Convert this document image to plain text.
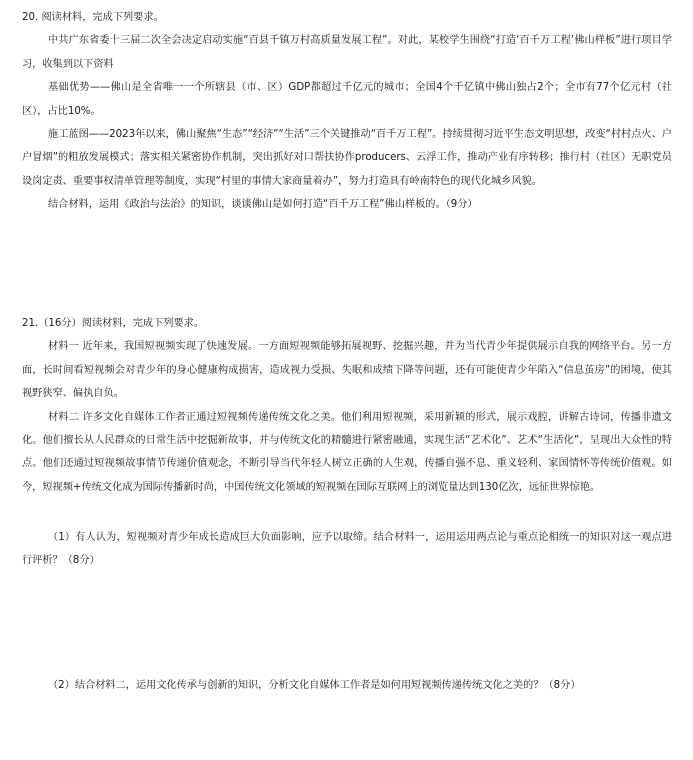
20. 阅读材料，完成下列要求。

中共广东省委十三届二次全会决定启动实施“百县千镇万村高质量发展工程”。对此，某校学生围绕“打造‘百千万工程’佛山样板”进行项目学习，收集到以下资料

基础优势——佛山是全省唯一一个所辖县（市、区）GDP都超过千亿元的城市；全国4个千亿镇中佛山独占2个；全市有77个亿元村（社区），占比10%。

施工蓝图——2023年以来，佛山聚焦“生态”“经济”“生活”三个关键推动“百千万工程”。持续贯彻习近平生态文明思想，改变“村村点火、户户冒烟”的粗放发展模式；落实相关紧密协作机制，突出抓好对口帮扶协作producers、云浮工作，推动产业有序转移；推行村（社区）无职党员设岗定责、重要事权清单管理等制度，实现“村里的事情大家商量着办”，努力打造具有岭南特色的现代化城乡风貌。

结合材料，运用《政治与法治》的知识，谈谈佛山是如何打造“百千万工程”佛山样板的。（9分）

21.（16分）阅读材料，完成下列要求。

材料一 近年来，我国短视频实现了快速发展。一方面短视频能够拓展视野、挖掘兴趣，并为当代青少年提供展示自我的网络平台。另一方面，长时间看短视频会对青少年的身心健康构成损害，造成视力受损、失眠和成绩下降等问题，还有可能使青少年陷入“信息茧房”的困境，使其视野狭窄、偏执自负。

材料二 许多文化自媒体工作者正通过短视频传递传统文化之美。他们利用短视频，采用新颖的形式，展示戏腔，讲解古诗词，传播非遗文化。他们擅长从人民群众的日常生活中挖掘新故事，并与传统文化的精髓进行紧密融通，实现生活“艺术化”、艺术“生活化”，呈现出大众性的特点。他们还通过短视频故事情节传递价值观念，不断引导当代年轻人树立正确的人生观，传播自强不息、重义轻利、家国情怀等传统价值观。如今，短视频+传统文化成为国际传播新时尚，中国传统文化领域的短视频在国际互联网上的浏览量达到130亿次，远征世界惊艳。

（1）有人认为，短视频对青少年成长造成巨大负面影响，应予以取缔。结合材料一，运用运用两点论与重点论相统一的知识对这一观点进行评析？（8分）

（2）结合材料二，运用文化传承与创新的知识，分析文化自媒体工作者是如何用短视频传递传统文化之美的？（8分）
